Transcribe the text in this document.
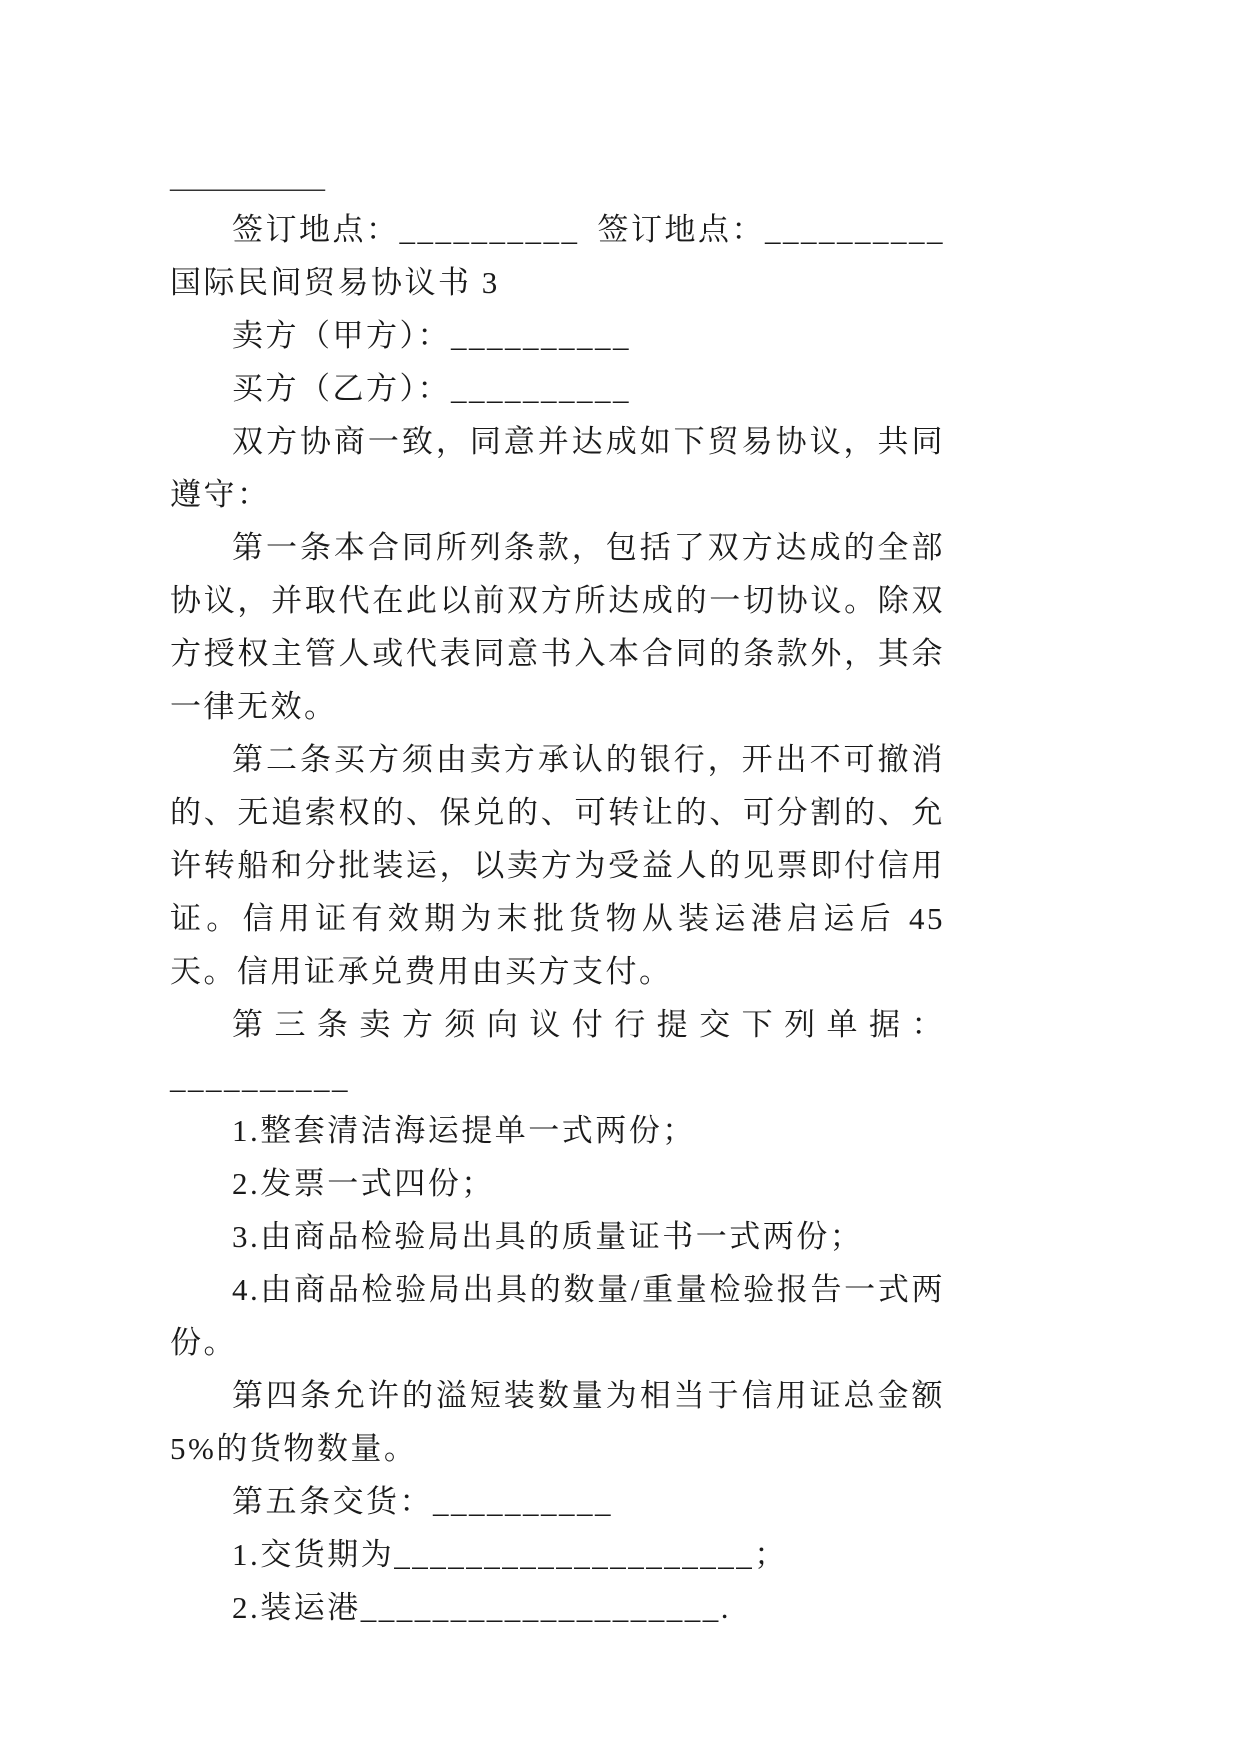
__________

签订地点：__________ 签订地点：__________

国际民间贸易协议书 3

卖方（甲方）：__________

买方（乙方）：__________

双方协商一致，同意并达成如下贸易协议，共同遵守：

第一条本合同所列条款，包括了双方达成的全部协议，并取代在此以前双方所达成的一切协议。除双方授权主管人或代表同意书入本合同的条款外，其余一律无效。

第二条买方须由卖方承认的银行，开出不可撤消的、无追索权的、保兑的、可转让的、可分割的、允许转船和分批装运，以卖方为受益人的见票即付信用证。信用证有效期为末批货物从装运港启运后 45 天。信用证承兑费用由买方支付。

第三条卖方须向议付行提交下列单据：__________

1.整套清洁海运提单一式两份；

2.发票一式四份；

3.由商品检验局出具的质量证书一式两份；

4.由商品检验局出具的数量/重量检验报告一式两份。

第四条允许的溢短装数量为相当于信用证总金额 5%的货物数量。

第五条交货：__________

1.交货期为____________________；

2.装运港____________________.
